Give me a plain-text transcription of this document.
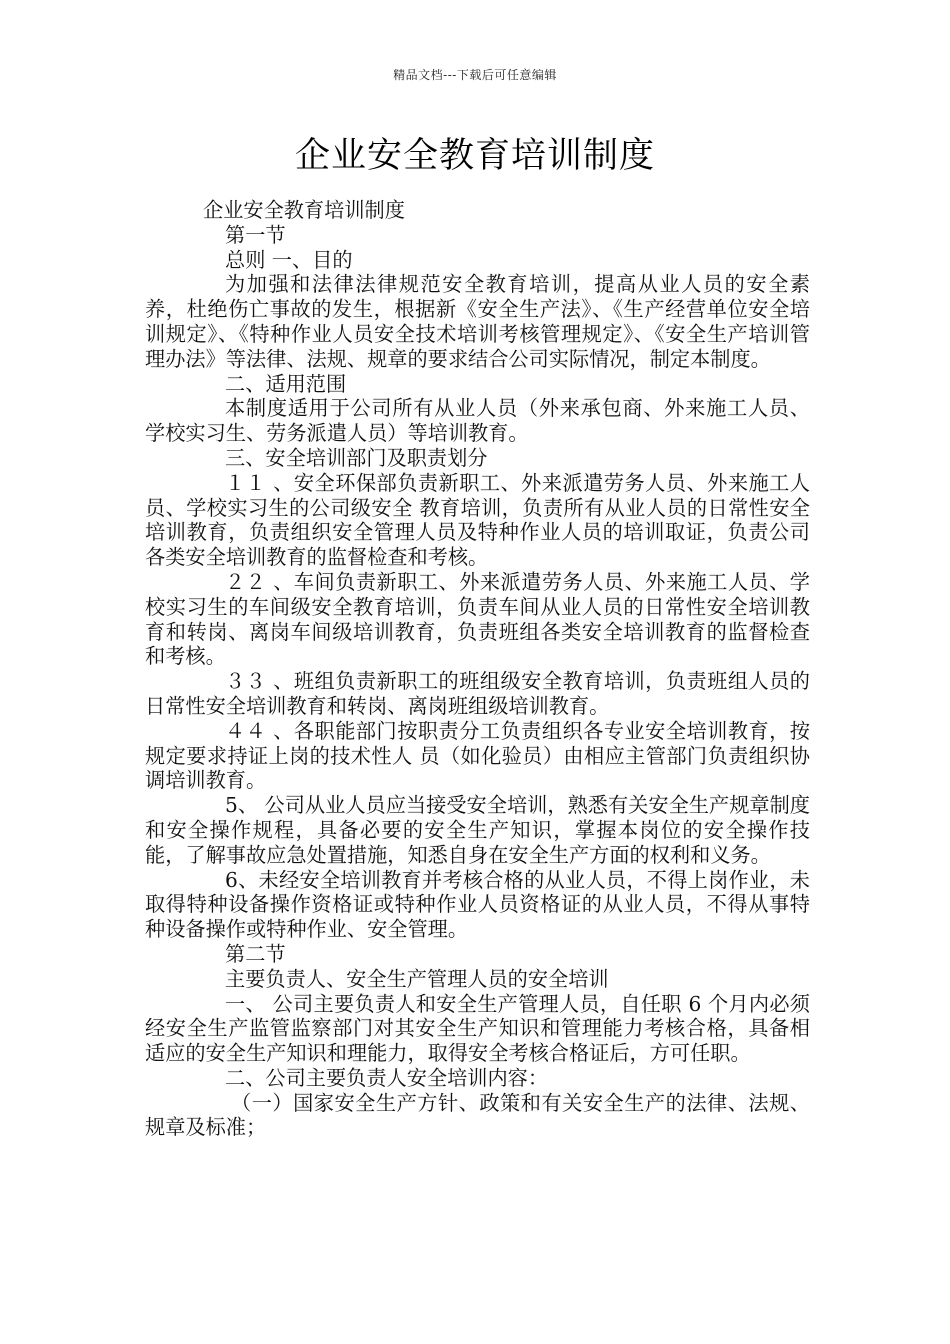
精品文档---下载后可任意编辑
企业安全教育培训制度

企业安全教育培训制度

第一节

总则 一、目的

为加强和法律法律规范安全教育培训，提高从业人员的安全素养，杜绝伤亡事故的发生，根据新《安全生产法》、《生产经营单位安全培训规定》、《特种作业人员安全技术培训考核管理规定》、《安全生产培训管理办法》等法律、法规、规章的要求结合公司实际情况，制定本制度。

二、适用范围

本制度适用于公司所有从业人员（外来承包商、外来施工人员、学校实习生、劳务派遣人员）等培训教育。

三、安全培训部门及职责划分

１１ 、安全环保部负责新职工、外来派遣劳务人员、外来施工人员、学校实习生的公司级安全 教育培训，负责所有从业人员的日常性安全培训教育，负责组织安全管理人员及特种作业人员的培训取证，负责公司各类安全培训教育的监督检查和考核。

２２ 、车间负责新职工、外来派遣劳务人员、外来施工人员、学校实习生的车间级安全教育培训，负责车间从业人员的日常性安全培训教育和转岗、离岗车间级培训教育，负责班组各类安全培训教育的监督检查和考核。

３３ 、班组负责新职工的班组级安全教育培训，负责班组人员的日常性安全培训教育和转岗、离岗班组级培训教育。

４４ 、各职能部门按职责分工负责组织各专业安全培训教育，按规定要求持证上岗的技术性人 员（如化验员）由相应主管部门负责组织协调培训教育。

5、 公司从业人员应当接受安全培训，熟悉有关安全生产规章制度和安全操作规程，具备必要的安全生产知识，掌握本岗位的安全操作技能，了解事故应急处置措施，知悉自身在安全生产方面的权利和义务。

6、未经安全培训教育并考核合格的从业人员，不得上岗作业，未取得特种设备操作资格证或特种作业人员资格证的从业人员，不得从事特种设备操作或特种作业、安全管理。

第二节

主要负责人、安全生产管理人员的安全培训

一、 公司主要负责人和安全生产管理人员，自任职 6 个月内必须经安全生产监管监察部门对其安全生产知识和管理能力考核合格，具备相适应的安全生产知识和理能力，取得安全考核合格证后，方可任职。

二、公司主要负责人安全培训内容：

（一）国家安全生产方针、政策和有关安全生产的法律、法规、规章及标准；
